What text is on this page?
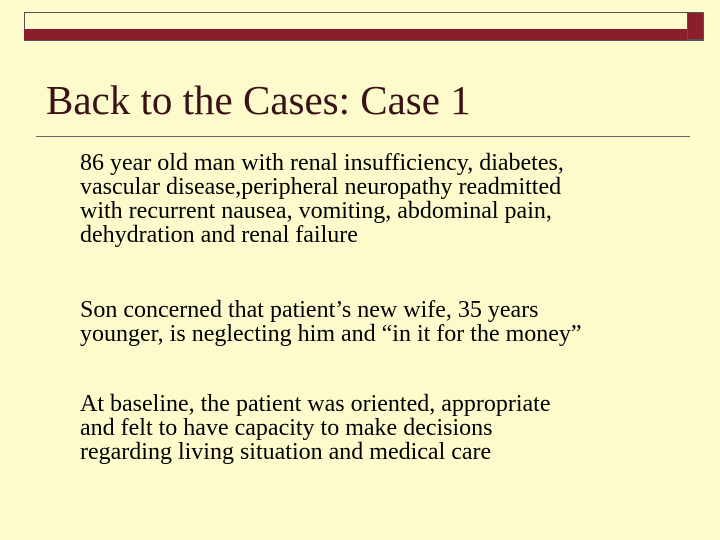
Back to the Cases: Case 1

86 year old man with renal insufficiency, diabetes,
vascular disease,peripheral neuropathy readmitted
with recurrent nausea, vomiting, abdominal pain,
dehydration and renal failure

Son concerned that patient’s new wife, 35 years
younger, is neglecting him and “in it for the money”

At baseline, the patient was oriented, appropriate
and felt to have capacity to make decisions
regarding living situation and medical care
